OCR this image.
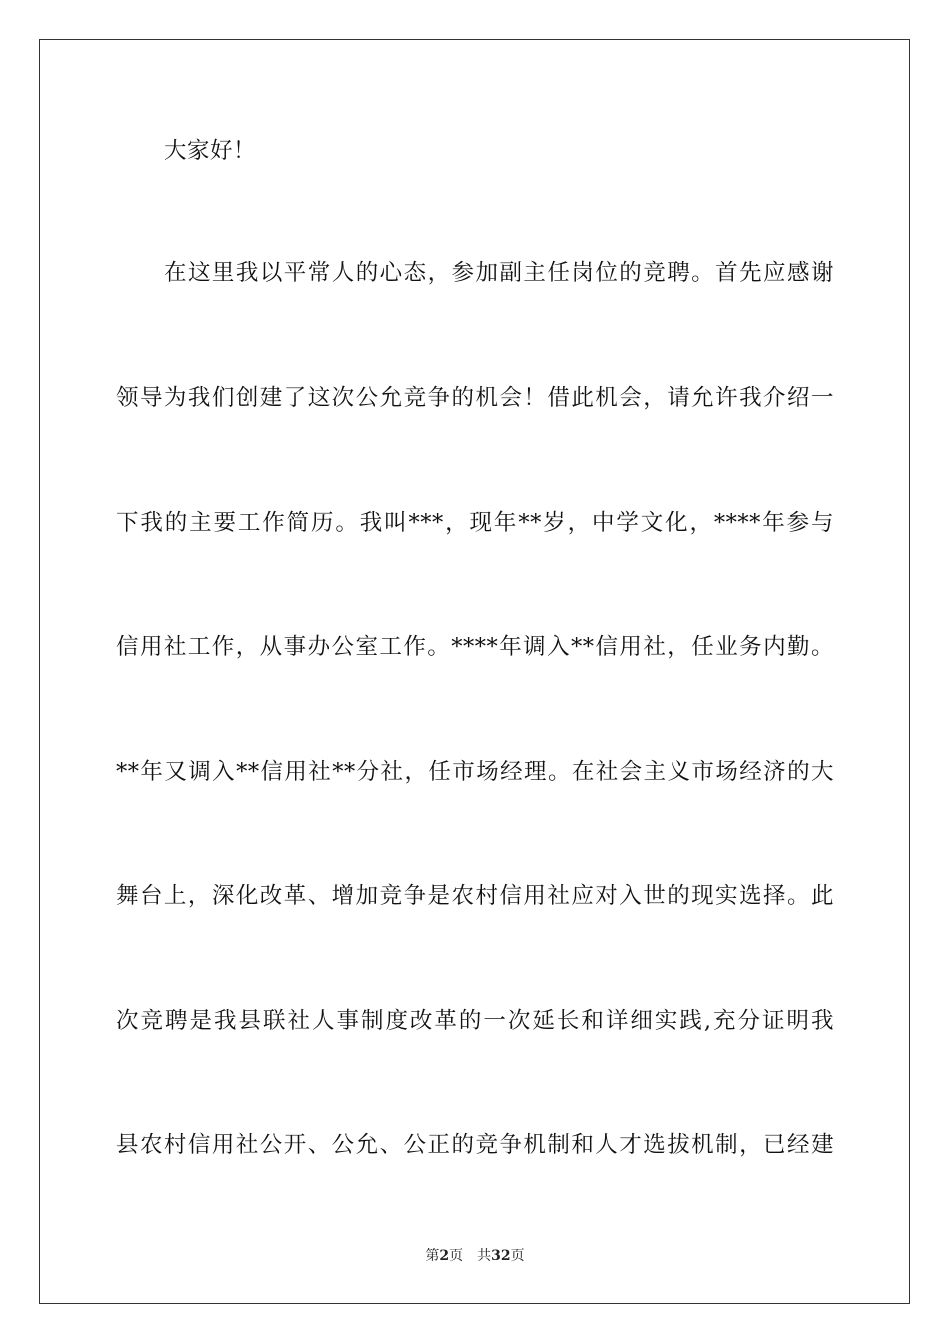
大家好！
在这里我以平常人的心态，参加副主任岗位的竞聘。首先应感谢
领导为我们创建了这次公允竞争的机会！借此机会，请允许我介绍一
下我的主要工作简历。我叫***，现年**岁，中学文化，****年参与
信用社工作，从事办公室工作。****年调入**信用社，任业务内勤。
**年又调入**信用社**分社，任市场经理。在社会主义市场经济的大
舞台上，深化改革、增加竞争是农村信用社应对入世的现实选择。此
次竞聘是我县联社人事制度改革的一次延长和详细实践,充分证明我
县农村信用社公开、公允、公正的竞争机制和人才选拔机制，已经建
第2页 共32页
